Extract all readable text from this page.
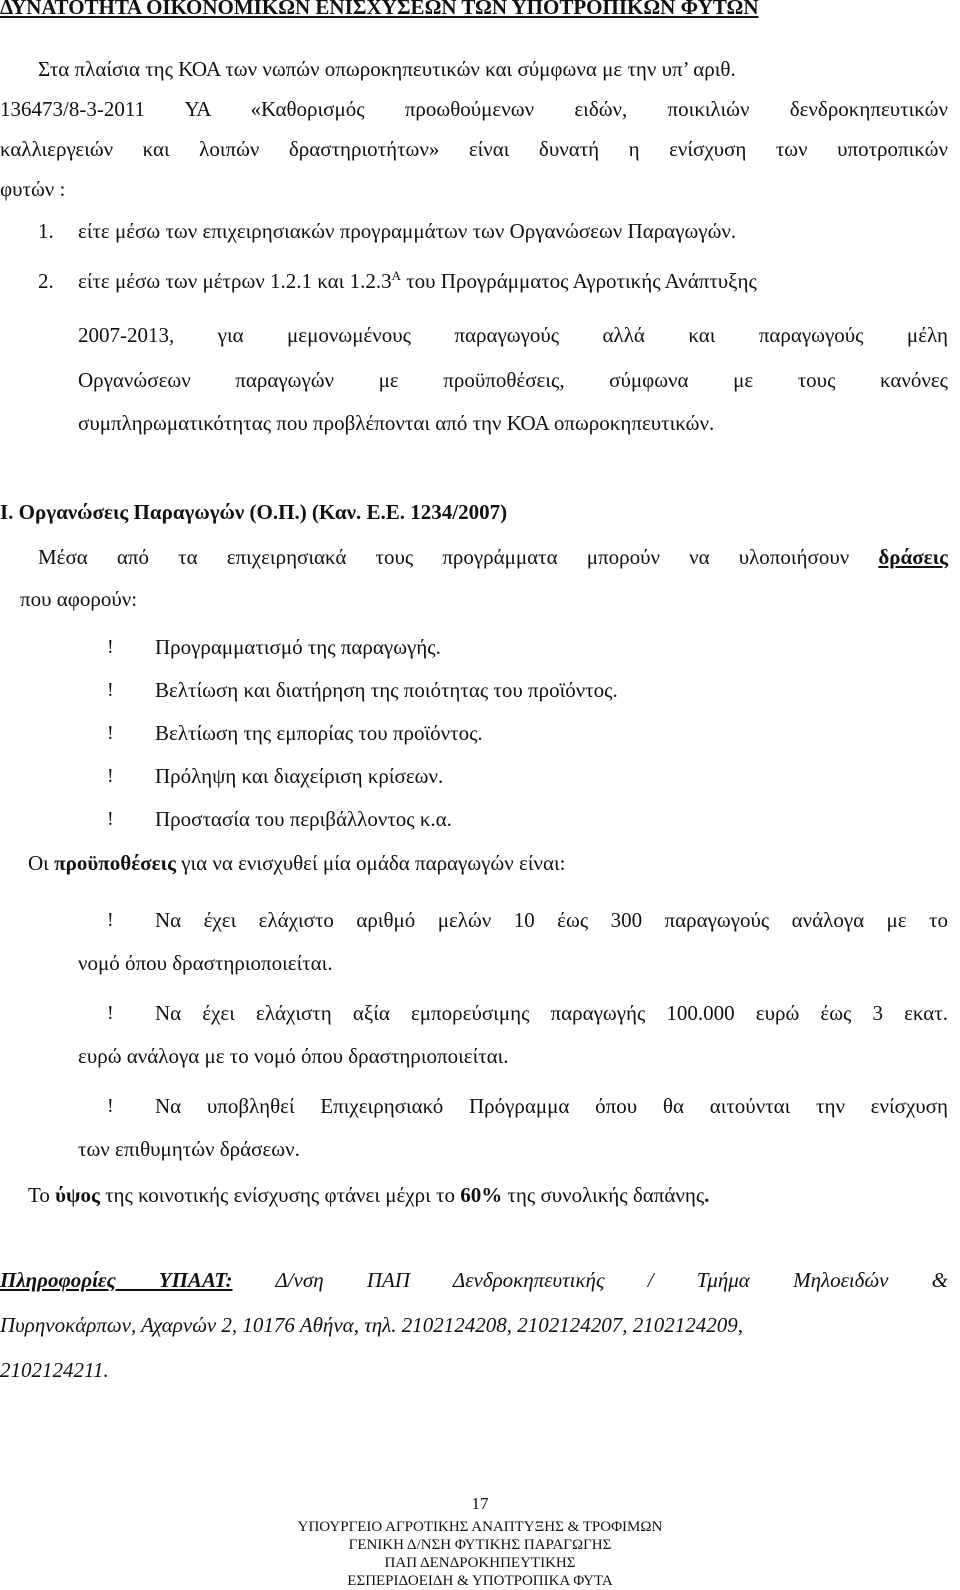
ΔΥΝΑΤΟΤΗΤΑ ΟΙΚΟΝΟΜΙΚΩΝ ΕΝΙΣΧΥΣΕΩΝ ΤΩΝ ΥΠΟΤΡΟΠΙΚΩΝ ΦΥΤΩΝ
Στα πλαίσια της ΚΟΑ των νωπών οπωροκηπευτικών και σύμφωνα με την υπ’ αριθ.
136473/8-3-2011 ΥΑ «Καθορισμός προωθούμενων ειδών, ποικιλιών δενδροκηπευτικών
καλλιεργειών και λοιπών δραστηριοτήτων» είναι δυνατή η ενίσχυση των υποτροπικών
φυτών :
1. είτε μέσω των επιχειρησιακών προγραμμάτων των Οργανώσεων Παραγωγών.
2. είτε μέσω των μέτρων 1.2.1 και $1.2.3^A$ του Προγράμματος Αγροτικής Ανάπτυξης
2007-2013, για μεμονωμένους παραγωγούς αλλά και παραγωγούς μέλη
Οργανώσεων παραγωγών με προϋποθέσεις, σύμφωνα με τους κανόνες
συμπληρωματικότητας που προβλέπονται από την ΚΟΑ οπωροκηπευτικών.
Ι. Οργανώσεις Παραγωγών (Ο.Π.) (Καν. Ε.Ε. 1234/2007)
Μέσα από τα επιχειρησιακά τους προγράμματα μπορούν να υλοποιήσουν δράσεις
που αφορούν:
! Προγραμματισμό της παραγωγής.
! Βελτίωση και διατήρηση της ποιότητας του προϊόντος.
! Βελτίωση της εμπορίας του προϊόντος.
! Πρόληψη και διαχείριση κρίσεων.
! Προστασία του περιβάλλοντος κ.α.
Οι προϋποθέσεις για να ενισχυθεί μία ομάδα παραγωγών είναι:
! Να έχει ελάχιστο αριθμό μελών 10 έως 300 παραγωγούς ανάλογα με το
νομό όπου δραστηριοποιείται.
! Να έχει ελάχιστη αξία εμπορεύσιμης παραγωγής 100.000 ευρώ έως 3 εκατ.
ευρώ ανάλογα με το νομό όπου δραστηριοποιείται.
! Να υποβληθεί Επιχειρησιακό Πρόγραμμα όπου θα αιτούνται την ενίσχυση
των επιθυμητών δράσεων.
Το ύψος της κοινοτικής ενίσχυσης φτάνει μέχρι το 60% της συνολικής δαπάνης.
Πληροφορίες ΥΠΑΑΤ: Δ/νση ΠΑΠ Δενδροκηπευτικής / Τμήμα Μηλοειδών &
Πυρηνοκάρπων, Αχαρνών 2, 10176 Αθήνα, τηλ. 2102124208, 2102124207, 2102124209,
2102124211.
17
ΥΠΟΥΡΓΕΙΟ ΑΓΡΟΤΙΚΗΣ ΑΝΑΠΤΥΞΗΣ & ΤΡΟΦΙΜΩΝ
ΓΕΝΙΚΗ Δ/ΝΣΗ ΦΥΤΙΚΗΣ ΠΑΡΑΓΩΓΗΣ
ΠΑΠ ΔΕΝΔΡΟΚΗΠΕΥΤΙΚΗΣ
ΕΣΠΕΡΙΔΟΕΙΔΗ & ΥΠΟΤΡΟΠΙΚΑ ΦΥΤΑ
